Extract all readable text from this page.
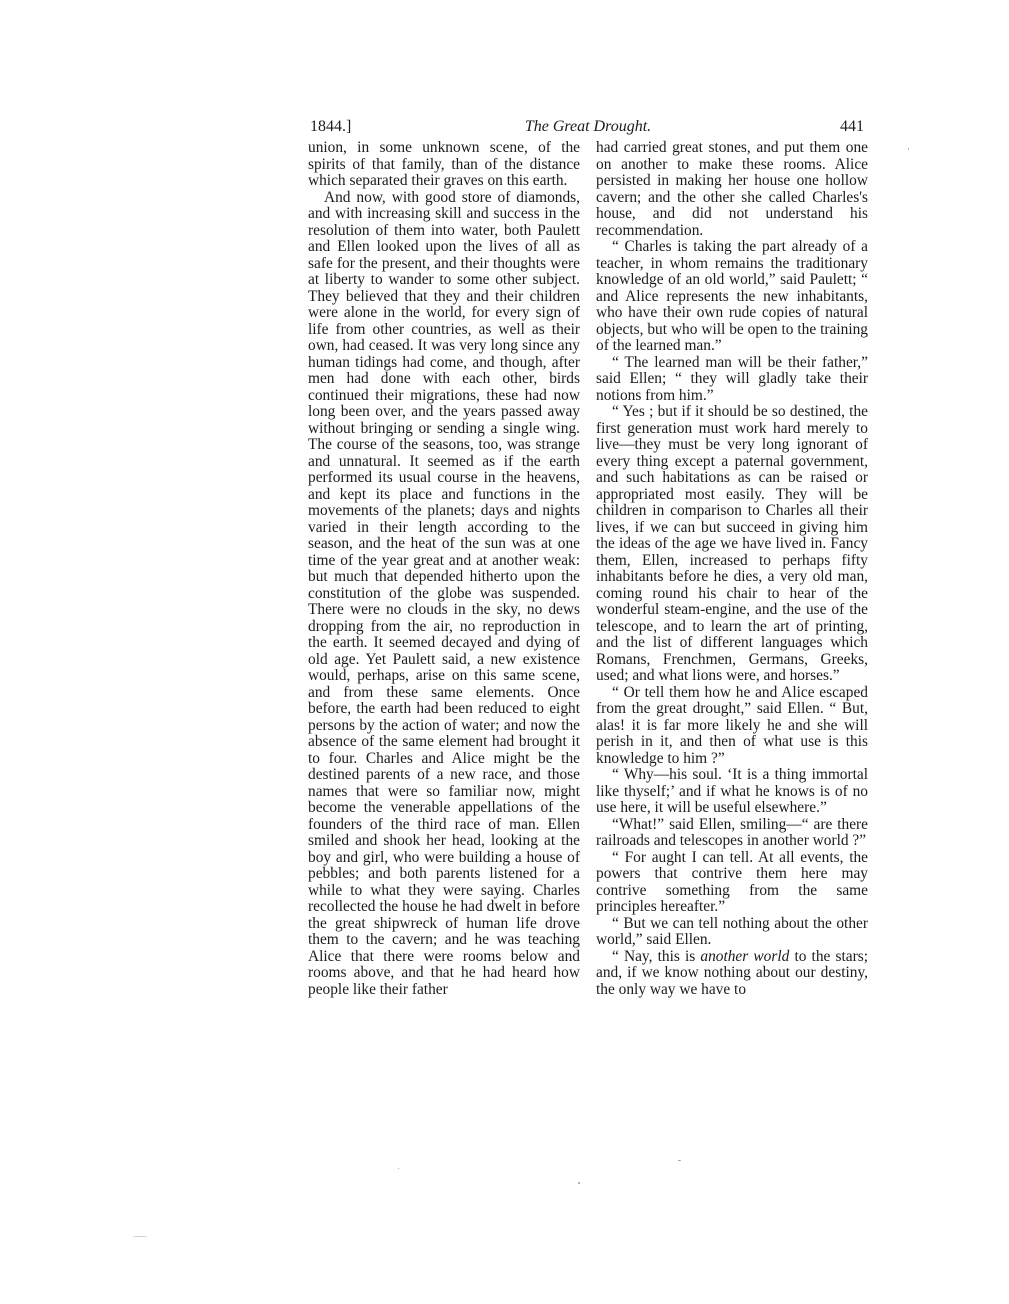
1844.]	The Great Drought.	441

union, in some unknown scene, of the spirits of that family, than of the distance which separated their graves on this earth.

And now, with good store of diamonds, and with increasing skill and success in the resolution of them into water, both Paulett and Ellen looked upon the lives of all as safe for the present, and their thoughts were at liberty to wander to some other subject. They believed that they and their children were alone in the world, for every sign of life from other countries, as well as their own, had ceased. It was very long since any human tidings had come, and though, after men had done with each other, birds continued their migrations, these had now long been over, and the years passed away without bringing or sending a single wing. The course of the seasons, too, was strange and unnatural. It seemed as if the earth performed its usual course in the heavens, and kept its place and functions in the movements of the planets; days and nights varied in their length according to the season, and the heat of the sun was at one time of the year great and at another weak: but much that depended hitherto upon the constitution of the globe was suspended. There were no clouds in the sky, no dews dropping from the air, no reproduction in the earth. It seemed decayed and dying of old age. Yet Paulett said, a new existence would, perhaps, arise on this same scene, and from these same elements. Once before, the earth had been reduced to eight persons by the action of water; and now the absence of the same element had brought it to four. Charles and Alice might be the destined parents of a new race, and those names that were so familiar now, might become the venerable appellations of the founders of the third race of man. Ellen smiled and shook her head, looking at the boy and girl, who were building a house of pebbles; and both parents listened for a while to what they were saying. Charles recollected the house he had dwelt in before the great shipwreck of human life drove them to the cavern; and he was teaching Alice that there were rooms below and rooms above, and that he had heard how people like their father

had carried great stones, and put them one on another to make these rooms. Alice persisted in making her house one hollow cavern; and the other she called Charles's house, and did not understand his recommendation.

“ Charles is taking the part already of a teacher, in whom remains the traditionary knowledge of an old world,” said Paulett; “ and Alice represents the new inhabitants, who have their own rude copies of natural objects, but who will be open to the training of the learned man.”

“ The learned man will be their father,” said Ellen; “ they will gladly take their notions from him.”

“ Yes ; but if it should be so destined, the first generation must work hard merely to live—they must be very long ignorant of every thing except a paternal government, and such habitations as can be raised or appropriated most easily. They will be children in comparison to Charles all their lives, if we can but succeed in giving him the ideas of the age we have lived in. Fancy them, Ellen, increased to perhaps fifty inhabitants before he dies, a very old man, coming round his chair to hear of the wonderful steam-engine, and the use of the telescope, and to learn the art of printing, and the list of different languages which Romans, Frenchmen, Germans, Greeks, used; and what lions were, and horses.”

“ Or tell them how he and Alice escaped from the great drought,” said Ellen. “ But, alas! it is far more likely he and she will perish in it, and then of what use is this knowledge to him ?”

“ Why—his soul. ‘It is a thing immortal like thyself;’ and if what he knows is of no use here, it will be useful elsewhere.”

“What!” said Ellen, smiling—“ are there railroads and telescopes in another world ?”

“ For aught I can tell. At all events, the powers that contrive them here may contrive something from the same principles hereafter.”

“ But we can tell nothing about the other world,” said Ellen.

“ Nay, this is another world to the stars; and, if we know nothing about our destiny, the only way we have to
